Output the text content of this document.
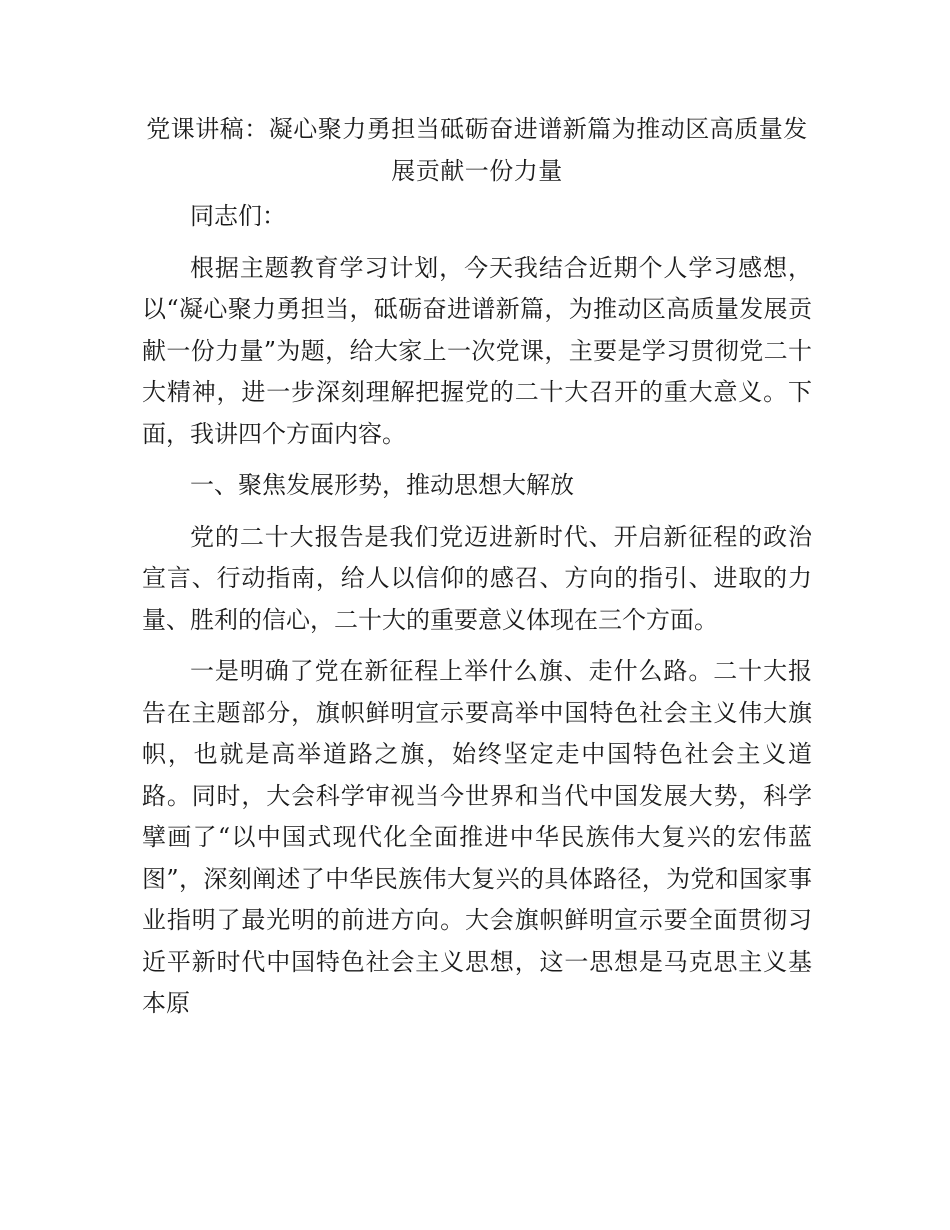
党课讲稿：凝心聚力勇担当砥砺奋进谱新篇为推动区高质量发展贡献一份力量

同志们：

根据主题教育学习计划，今天我结合近期个人学习感想，以“凝心聚力勇担当，砥砺奋进谱新篇，为推动区高质量发展贡献一份力量”为题，给大家上一次党课，主要是学习贯彻党二十大精神，进一步深刻理解把握党的二十大召开的重大意义。下面，我讲四个方面内容。

一、聚焦发展形势，推动思想大解放

党的二十大报告是我们党迈进新时代、开启新征程的政治宣言、行动指南，给人以信仰的感召、方向的指引、进取的力量、胜利的信心，二十大的重要意义体现在三个方面。

一是明确了党在新征程上举什么旗、走什么路。二十大报告在主题部分，旗帜鲜明宣示要高举中国特色社会主义伟大旗帜，也就是高举道路之旗，始终坚定走中国特色社会主义道路。同时，大会科学审视当今世界和当代中国发展大势，科学擘画了“以中国式现代化全面推进中华民族伟大复兴的宏伟蓝图”，深刻阐述了中华民族伟大复兴的具体路径，为党和国家事业指明了最光明的前进方向。大会旗帜鲜明宣示要全面贯彻习近平新时代中国特色社会主义思想，这一思想是马克思主义基本原
